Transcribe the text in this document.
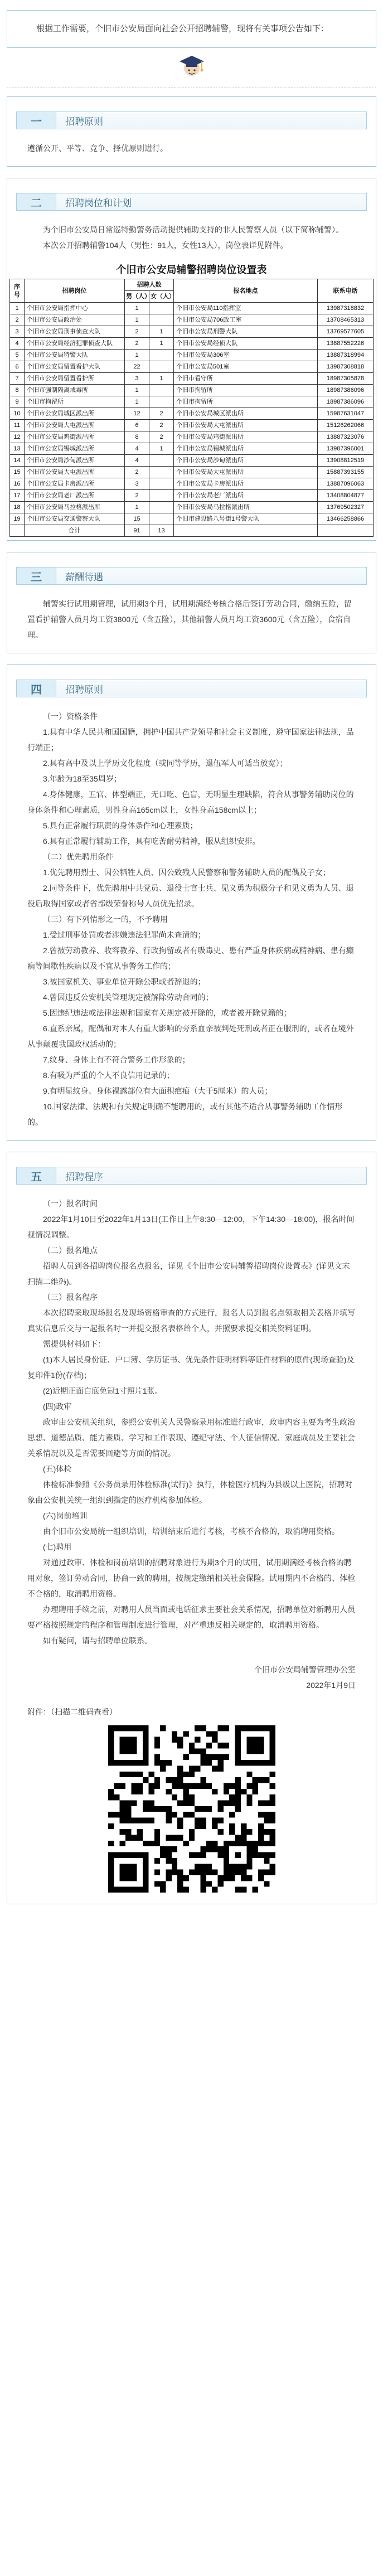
根据工作需要，个旧市公安局面向社会公开招聘辅警，现将有关事项公告如下：

一	招聘原则

遵循公开、平等、竞争、择优原则进行。

二	招聘岗位和计划

为个旧市公安局日常巡特勤警务活动提供辅助支持的非人民警察人员（以下简称辅警）。

本次公开招聘辅警104人（男性：91人，女性13人），岗位表详见附件。

个旧市公安局辅警招聘岗位设置表
序号	招聘岗位	招聘人数		报名地点	联系电话
		男（人）	女（人）		
1	个旧市公安局指挥中心	1		个旧市公安局110指挥室	13987318832
2	个旧市公安局政治处	1		个旧市公安局706政工室	13708465313
3	个旧市公安局刑事侦查大队	2	1	个旧市公安局刑警大队	13769577605
4	个旧市公安局经济犯罪侦查大队	2	1	个旧市公安局经侦大队	13887552226
5	个旧市公安局特警大队	1		个旧市公安局306室	13887318994
6	个旧市公安局留置看护大队	22		个旧市公安局501室	13987308818
7	个旧市公安局留置看护所	3	1	个旧市看守所	18987305878
8	个旧市强制隔离戒毒所	1		个旧市拘留所	18987386096
9	个旧市拘留所	1		个旧市拘留所	18987386096
10	个旧市公安局城区派出所	12	2	个旧市公安局城区派出所	15987631047
11	个旧市公安局大屯派出所	6	2	个旧市公安局大屯派出所	15126262066
12	个旧市公安局鸡街派出所	8	2	个旧市公安局鸡街派出所	13887323076
13	个旧市公安局锡城派出所	4	1	个旧市公安局锡城派出所	13987396001
14	个旧市公安局沙甸派出所	4		个旧市公安局沙甸派出所	13908812519
15	个旧市公安局大屯派出所	2		个旧市公安局大屯派出所	15887393155
16	个旧市公安局卡房派出所	3		个旧市公安局卡房派出所	13887096063
17	个旧市公安局老厂派出所	2		个旧市公安局老厂派出所	13408804877
18	个旧市公安局马拉格派出所	1		个旧市公安局马拉格派出所	13769502327
19	个旧市公安局交通警察大队	15		个旧市建设路八号街1号警大队	13466258866
	合计	91	13		
三	薪酬待遇

辅警实行试用期管理，试用期3个月，试用期满经考核合格后签订劳动合同，缴纳五险，留置看护辅警人员月均工资3800元（含五险），其他辅警人员月均工资3600元（含五险），食宿自理。

四	招聘原则

（一）资格条件

1.具有中华人民共和国国籍，拥护中国共产党领导和社会主义制度，遵守国家法律法规，品行端正；

2.具有高中及以上学历文化程度（或同等学历，退伍军人可适当放宽）；

3.年龄为18至35周岁；

4.身体健康，五官、体型端正，无口吃、色盲，无明显生理缺陷，符合从事警务辅助岗位的身体条件和心理素质，男性身高165cm以上，女性身高158cm以上；

5.具有正常履行职责的身体条件和心理素质；

6.具有正常履行辅助工作，具有吃苦耐劳精神，服从组织安排。

（二）优先聘用条件

1.优先聘用烈士、因公牺牲人员、因公致残人民警察和警务辅助人员的配偶及子女；

2.同等条件下，优先聘用中共党员、退役士官士兵、见义勇为积极分子和见义勇为人员、退役后取得国家或者省部级荣誉称号人员优先招录。

（三）有下列情形之一的，不予聘用

1.受过刑事处罚或者涉嫌违法犯罪尚未查清的；

2.曾被劳动教养、收容教养、行政拘留或者有吸毒史、患有严重身体疾病或精神病、患有癫痫等间歇性疾病以及不宜从事警务工作的；

3.被国家机关、事业单位开除公职或者辞退的；

4.曾因违反公安机关管理规定被解除劳动合同的；

5.因违纪违法或法律法规和国家有关规定被开除的，或者被开除党籍的；

6.直系亲属，配偶和对本人有重大影响的旁系血亲被判处死刑或者正在服刑的，或者在境外从事颠覆我国政权活动的；

7.纹身、身体上有不符合警务工作形象的；

8.有吸为严重的个人不良信用记录的；

9.有明显纹身、身体裸露部位有大面积疤痕（大于5厘米）的人员；

10.国家法律、法规和有关规定明确不能聘用的，或有其他不适合从事警务辅助工作情形的。

五	招聘程序

（一）报名时间

2022年1月10日至2022年1月13日(工作日上午8:30—12:00，下午14:30—18:00)，报名时间视情况调整。

（二）报名地点

招聘人员到各招聘岗位报名点报名，详见《个旧市公安局辅警招聘岗位设置表》(详见文末扫描二维码)。

（三）报名程序

本次招聘采取现场报名及现场资格审查的方式进行，报名人员到报名点领取相关表格并填写真实信息后交与一起报名时一并提交报名表格给个人，并照要求提交相关资料证明。

需提供材料如下：

(1)本人居民身份证、户口簿、学历证书、优先条件证明材料等证件材料的原件(现场查验)及复印件1份(存档)；

(2)近期正面白底免冠1寸照片1张。

(四)政审

政审由公安机关组织，参照公安机关人民警察录用标准进行政审，政审内容主要为考生政治思想、道德品质、能力素质、学习和工作表现、遵纪守法、个人征信情况、家庭成员及主要社会关系情况以及是否需要回避等方面的情况。

(五)体检

体检标准参照《公务员录用体检标准(试行)》执行，体检医疗机构为县级以上医院，招聘对象由公安机关统一组织到指定的医疗机构参加体检。

(六)岗前培训

由个旧市公安局统一组织培训，培训结束后进行考核，考核不合格的，取消聘用资格。

(七)聘用

对通过政审、体检和岗前培训的招聘对象进行为期3个月的试用，试用期满经考核合格的聘用对象，签订劳动合同，协商一致的聘用，按规定缴纳相关社会保险。试用期内不合格的、体检不合格的，取消聘用资格。

办理聘用手续之前，对聘用人员当面或电话征求主要社会关系情况，招聘单位对新聘用人员要严格按照规定的程序和管理制度进行管理，对严重违反相关规定的，取消聘用资格。

如有疑问，请与招聘单位联系。

个旧市公安局辅警管理办公室

2022年1月9日

附件：（扫描二维码查看）
